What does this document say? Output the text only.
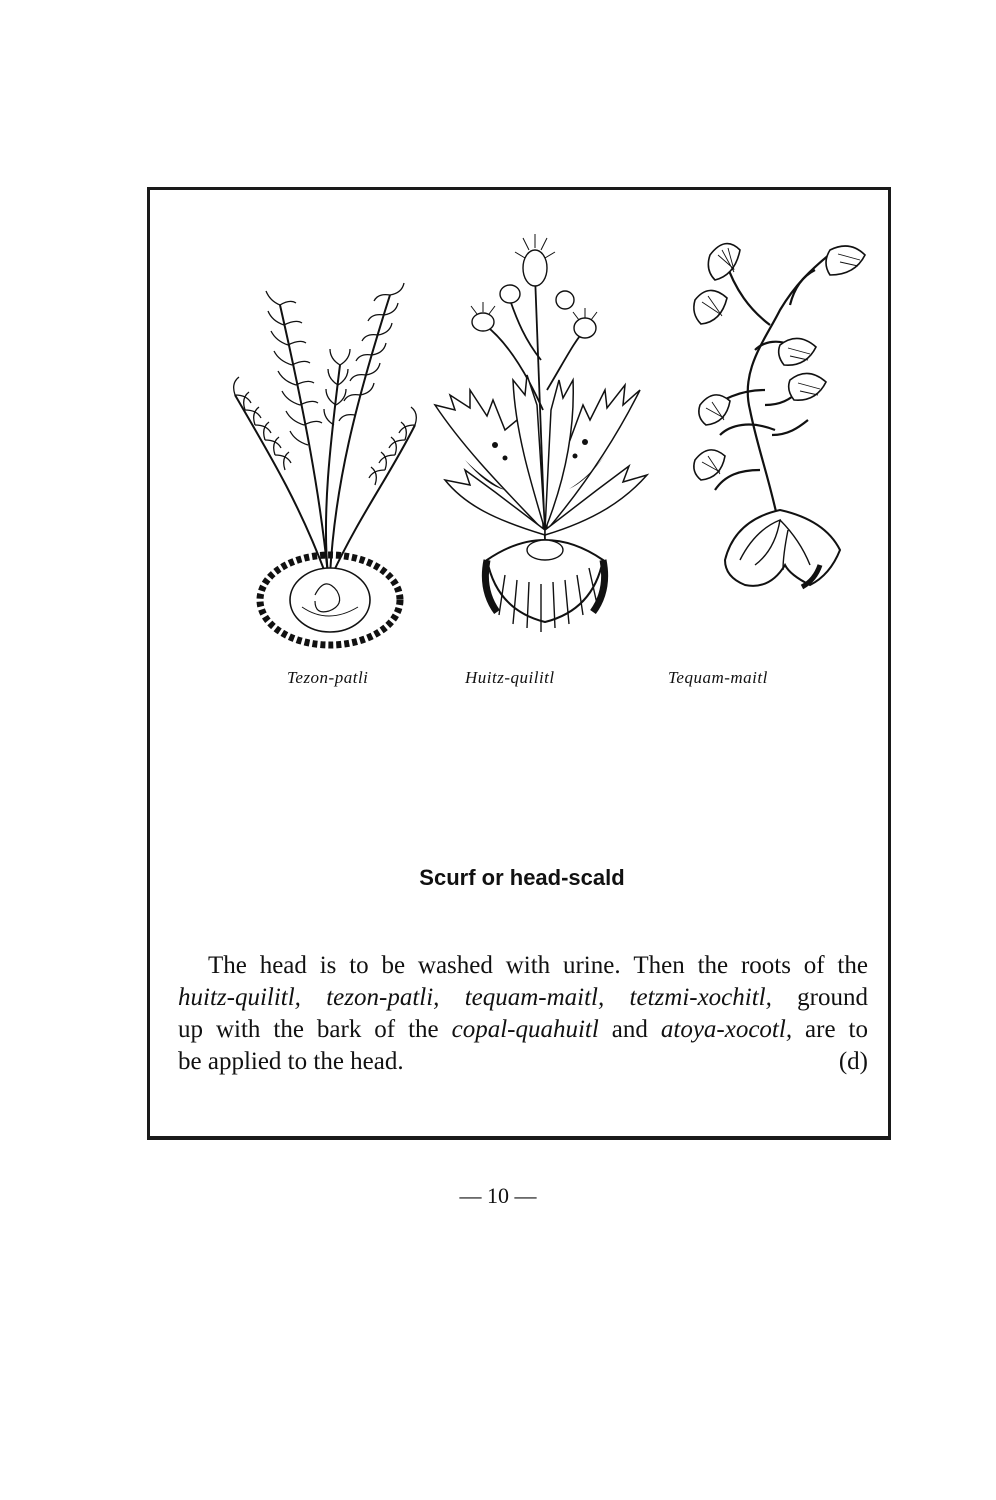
Tezon-patli	Huitz-quilitl	Tequam-maitl
Scurf or head-scald
The head is to be washed with urine. Then the roots of the
huitz-quilitl, tezon-patli, tequam-maitl, tetzmi-xochitl, ground
up with the bark of the copal-quahuitl and atoya-xocotl, are to
be applied to the head.	(d)
— 10 —
